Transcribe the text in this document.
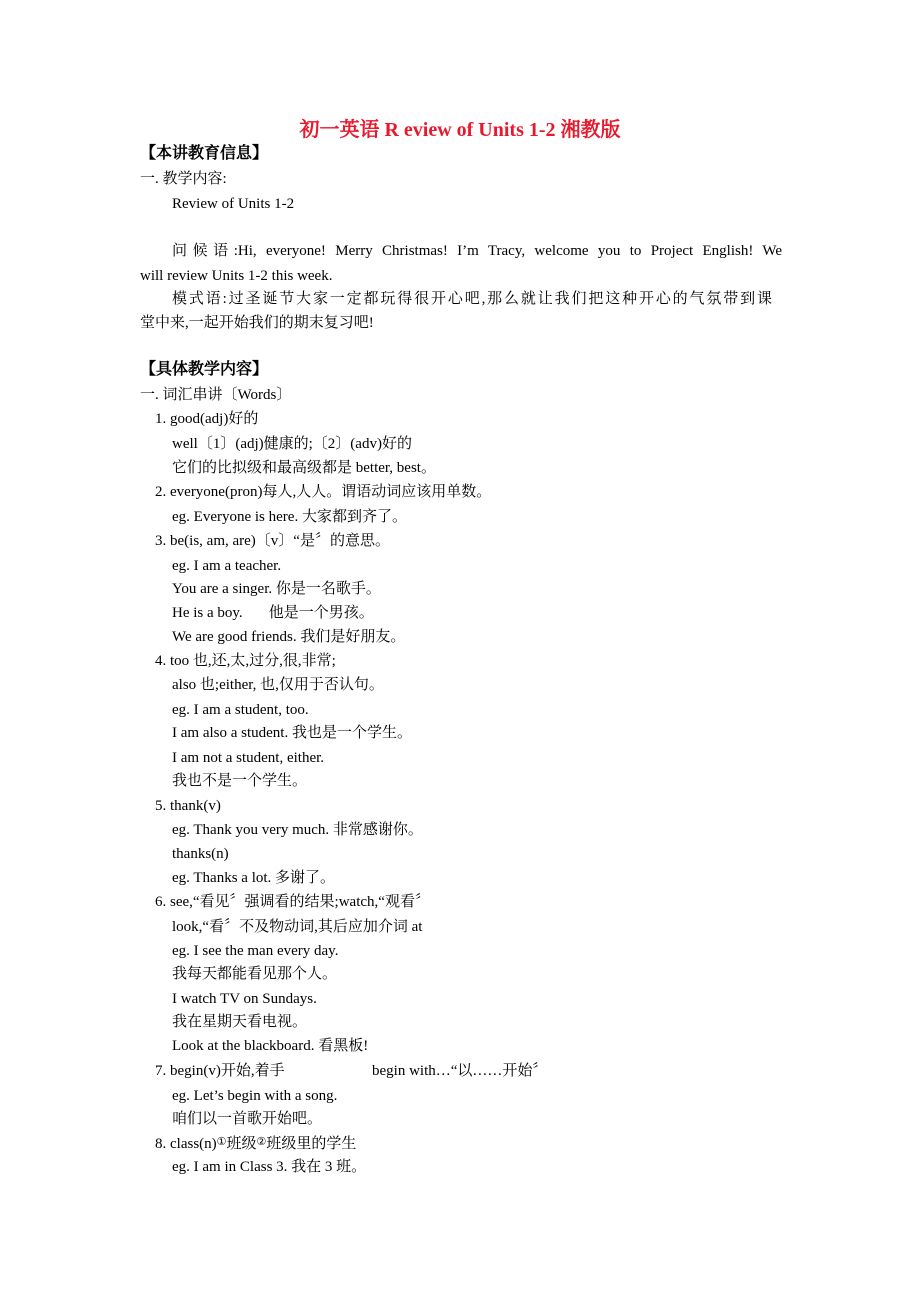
初一英语 R eview of Units 1-2 湘教版
【本讲教育信息】
一. 教学内容:
Review of Units 1-2
问候语:Hi, everyone! Merry Christmas! I’m Tracy, welcome you to Project English! We
will review Units 1-2 this week.
模式语:过圣诞节大家一定都玩得很开心吧,那么就让我们把这种开心的气氛带到课
堂中来,一起开始我们的期末复习吧!
【具体教学内容】
一. 词汇串讲〔Words〕
1. good(adj)好的
well〔1〕(adj)健康的;〔2〕(adv)好的
它们的比拟级和最高级都是 better, best。
2. everyone(pron)每人,人人。谓语动词应该用单数。
eg. Everyone is here. 大家都到齐了。
3. be(is, am, are)〔v〕“是〞的意思。
eg. I am a teacher.
You are a singer. 你是一名歌手。
He is a boy. 他是一个男孩。
We are good friends. 我们是好朋友。
4. too 也,还,太,过分,很,非常;
also 也;either, 也,仅用于否认句。
eg. I am a student, too.
I am also a student. 我也是一个学生。
I am not a student, either.
我也不是一个学生。
5. thank(v)
eg. Thank you very much. 非常感谢你。
thanks(n)
eg. Thanks a lot. 多谢了。
6. see,“看见〞强调看的结果;watch,“观看〞
look,“看〞不及物动词,其后应加介词 at
eg. I see the man every day.
我每天都能看见那个人。
I watch TV on Sundays.
我在星期天看电视。
Look at the blackboard. 看黑板!
7. begin(v)开始,着手	begin with…“以……开始〞
eg. Let’s begin with a song.
咱们以一首歌开始吧。
8. class(n)①班级②班级里的学生
eg. I am in Class 3. 我在 3 班。
